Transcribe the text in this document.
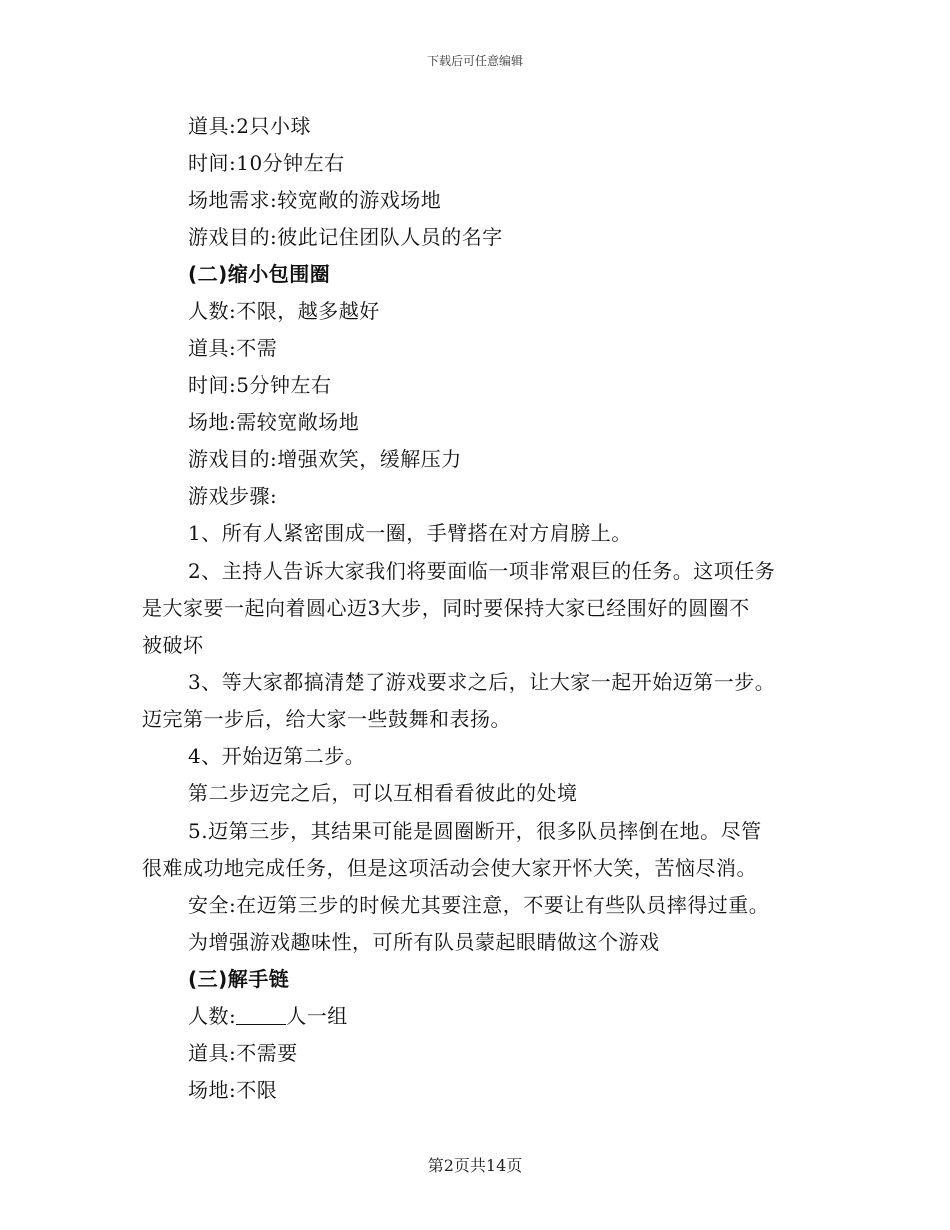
下载后可任意编辑
道具:2只小球
时间:10分钟左右
场地需求:较宽敞的游戏场地
游戏目的:彼此记住团队人员的名字
(二)缩小包围圈
人数:不限，越多越好
道具:不需
时间:5分钟左右
场地:需较宽敞场地
游戏目的:增强欢笑，缓解压力
游戏步骤:
1、所有人紧密围成一圈，手臂搭在对方肩膀上。
2、主持人告诉大家我们将要面临一项非常艰巨的任务。这项任务
是大家要一起向着圆心迈3大步，同时要保持大家已经围好的圆圈不
被破坏
3、等大家都搞清楚了游戏要求之后，让大家一起开始迈第一步。
迈完第一步后，给大家一些鼓舞和表扬。
4、开始迈第二步。
第二步迈完之后，可以互相看看彼此的处境
5.迈第三步，其结果可能是圆圈断开，很多队员摔倒在地。尽管
很难成功地完成任务，但是这项活动会使大家开怀大笑，苦恼尽消。
安全:在迈第三步的时候尤其要注意，不要让有些队员摔得过重。
为增强游戏趣味性，可所有队员蒙起眼睛做这个游戏
(三)解手链
人数:	人一组
道具:不需要
场地:不限
第2页共14页
